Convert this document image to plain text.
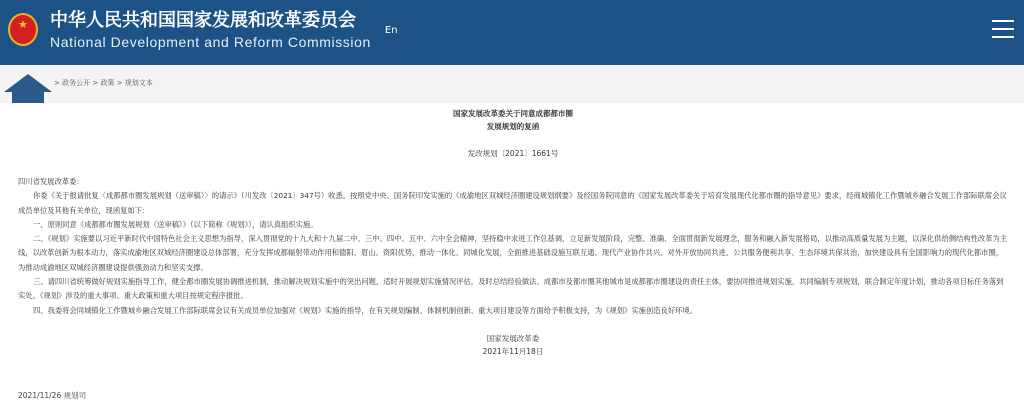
★
中华人民共和国国家发展和改革委员会
National Development and Reform Commission
En
> 政务公开 > 政策 > 规划文本
国家发展改革委关于同意成都都市圈
发展规划的复函
发改规划〔2021〕1661号

四川省发展改革委：

你委《关于报请批复〈成都都市圈发展规划（送审稿）〉的请示》（川发改〔2021〕347号）收悉。按照党中央、国务院印发实施的《成渝地区双城经济圈建设规划纲要》及经国务院同意的《国家发展改革委关于培育发展现代化都市圈的指导意见》要求，经商城镇化工作暨城乡融合发展工作部际联席会议成员单位及其他有关单位，现函复如下：

一、原则同意《成都都市圈发展规划（送审稿）》（以下简称《规划》），请认真组织实施。

二、《规划》实施要以习近平新时代中国特色社会主义思想为指导，深入贯彻党的十九大和十九届二中、三中、四中、五中、六中全会精神，坚持稳中求进工作总基调，立足新发展阶段，完整、准确、全面贯彻新发展理念，服务和融入新发展格局，以推动高质量发展为主题，以深化供给侧结构性改革为主线，以改革创新为根本动力，落实成渝地区双城经济圈建设总体部署，充分发挥成都辐射带动作用和德阳、眉山、资阳优势，推动一体化、同城化发展，全面推进基础设施互联互通、现代产业协作共兴、对外开放协同共进、公共服务便利共享、生态环境共保共治，加快建设具有全国影响力的现代化都市圈，为推动成渝地区双城经济圈建设提供强劲动力和坚实支撑。

三、请四川省统筹做好规划实施指导工作，健全都市圈发展协调推进机制，推动解决规划实施中的突出问题，适时开展规划实施情况评估，及时总结经验做法。成都市及都市圈其他城市是成都都市圈建设的责任主体，要协同推进规划实施，共同编制专项规划，联合制定年度计划，推动各项目标任务落到实处。《规划》涉及的重大事项、重大政策和重大项目按规定程序报批。

四、我委将会同城镇化工作暨城乡融合发展工作部际联席会议有关成员单位加强对《规划》实施的指导，在有关规划编制、体制机制创新、重大项目建设等方面给予积极支持，为《规划》实施创造良好环境。

国家发展改革委
2021年11月18日
2021/11/26 规划司
